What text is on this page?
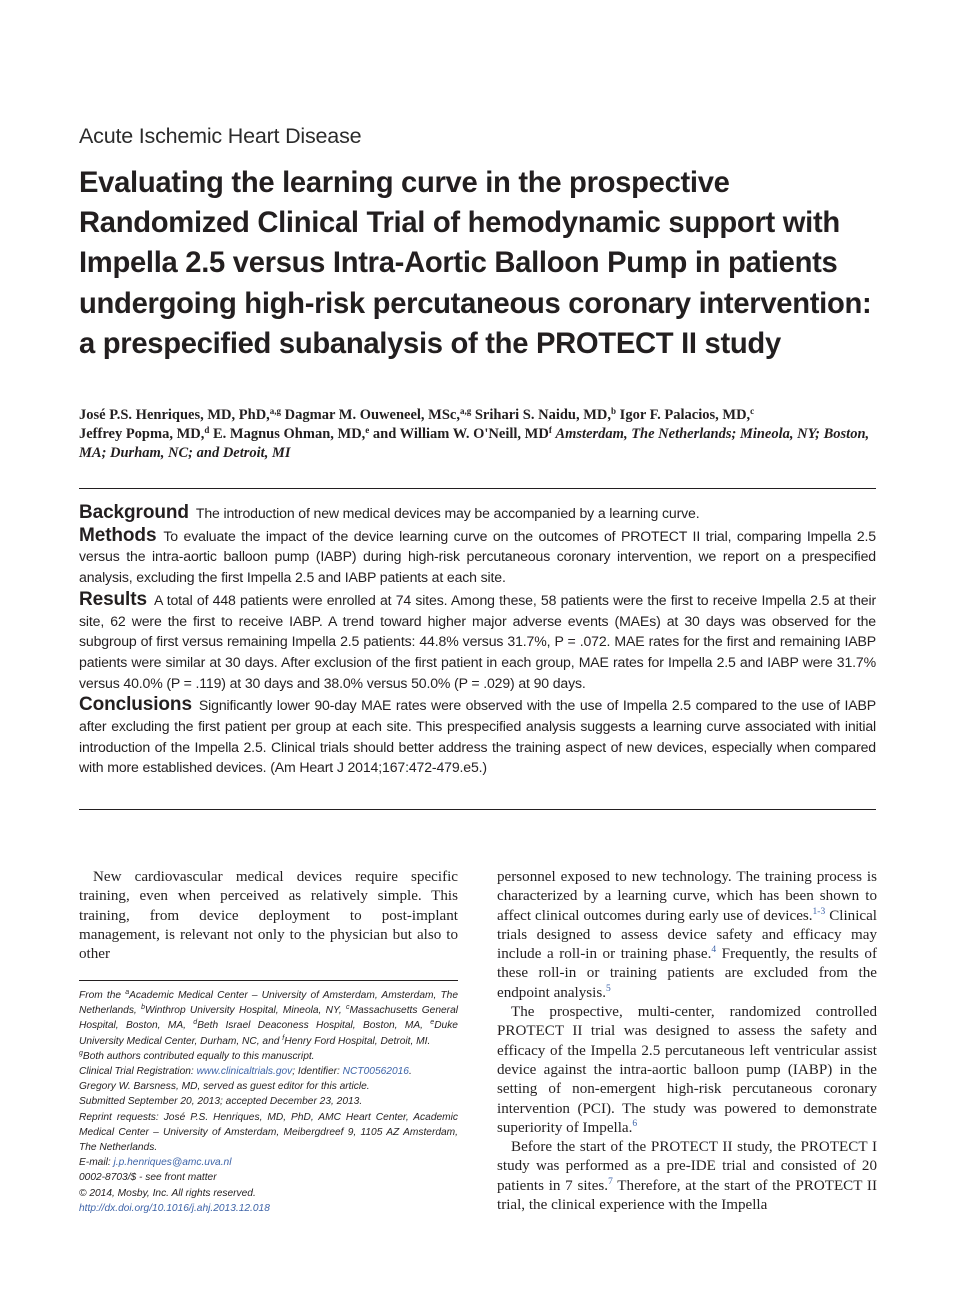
Acute Ischemic Heart Disease
Evaluating the learning curve in the prospective Randomized Clinical Trial of hemodynamic support with Impella 2.5 versus Intra-Aortic Balloon Pump in patients undergoing high-risk percutaneous coronary intervention: a prespecified subanalysis of the PROTECT II study
José P.S. Henriques, MD, PhD,$^{a,g}$ Dagmar M. Ouweneel, MSc,$^{a,g}$ Srihari S. Naidu, MD,$^b$ Igor F. Palacios, MD,$^c$
Jeffrey Popma, MD,$^d$ E. Magnus Ohman, MD,$^e$ and William W. O'Neill, $MD^f$ Amsterdam, The Netherlands; Mineola, NY; Boston, MA; Durham, NC; and Detroit, MI

Background The introduction of new medical devices may be accompanied by a learning curve.

Methods To evaluate the impact of the device learning curve on the outcomes of PROTECT II trial, comparing Impella 2.5 versus the intra-aortic balloon pump (IABP) during high-risk percutaneous coronary intervention, we report on a prespecified analysis, excluding the first Impella 2.5 and IABP patients at each site.

Results A total of 448 patients were enrolled at 74 sites. Among these, 58 patients were the first to receive Impella 2.5 at their site, 62 were the first to receive IABP. A trend toward higher major adverse events (MAEs) at 30 days was observed for the subgroup of first versus remaining Impella 2.5 patients: 44.8% versus 31.7%, P = .072. MAE rates for the first and remaining IABP patients were similar at 30 days. After exclusion of the first patient in each group, MAE rates for Impella 2.5 and IABP were 31.7% versus 40.0% (P = .119) at 30 days and 38.0% versus 50.0% (P = .029) at 90 days.

Conclusions Significantly lower 90-day MAE rates were observed with the use of Impella 2.5 compared to the use of IABP after excluding the first patient per group at each site. This prespecified analysis suggests a learning curve associated with initial introduction of the Impella 2.5. Clinical trials should better address the training aspect of new devices, especially when compared with more established devices. (Am Heart J 2014;167:472-479.e5.)

New cardiovascular medical devices require specific training, even when perceived as relatively simple. This training, from device deployment to post-implant management, is relevant not only to the physician but also to other

From the $^a$Academic Medical Center – University of Amsterdam, Amsterdam, The Netherlands, $^b$Winthrop University Hospital, Mineola, NY, $^c$Massachusetts General Hospital, Boston, MA, $^d$Beth Israel Deaconess Hospital, Boston, MA, $^e$Duke University Medical Center, Durham, NC, and $^f$Henry Ford Hospital, Detroit, MI.

$^g$Both authors contributed equally to this manuscript.

Clinical Trial Registration: www.clinicaltrials.gov; Identifier: NCT00562016.

Gregory W. Barsness, MD, served as guest editor for this article.

Submitted September 20, 2013; accepted December 23, 2013.

Reprint requests: José P.S. Henriques, MD, PhD, AMC Heart Center, Academic Medical Center – University of Amsterdam, Meibergdreef 9, 1105 AZ Amsterdam, The Netherlands.

E-mail: j.p.henriques@amc.uva.nl

0002-8703/$ - see front matter

© 2014, Mosby, Inc. All rights reserved.

http://dx.doi.org/10.1016/j.ahj.2013.12.018

personnel exposed to new technology. The training process is characterized by a learning curve, which has been shown to affect clinical outcomes during early use of devices.$^{1-3}$ Clinical trials designed to assess device safety and efficacy may include a roll-in or training phase.$^4$ Frequently, the results of these roll-in or training patients are excluded from the endpoint analysis.$^5$

The prospective, multi-center, randomized controlled PROTECT II trial was designed to assess the safety and efficacy of the Impella 2.5 percutaneous left ventricular assist device against the intra-aortic balloon pump (IABP) in the setting of non-emergent high-risk percutaneous coronary intervention (PCI). The study was powered to demonstrate superiority of Impella.$^6$

Before the start of the PROTECT II study, the PROTECT I study was performed as a pre-IDE trial and consisted of 20 patients in 7 sites.$^7$ Therefore, at the start of the PROTECT II trial, the clinical experience with the Impella
